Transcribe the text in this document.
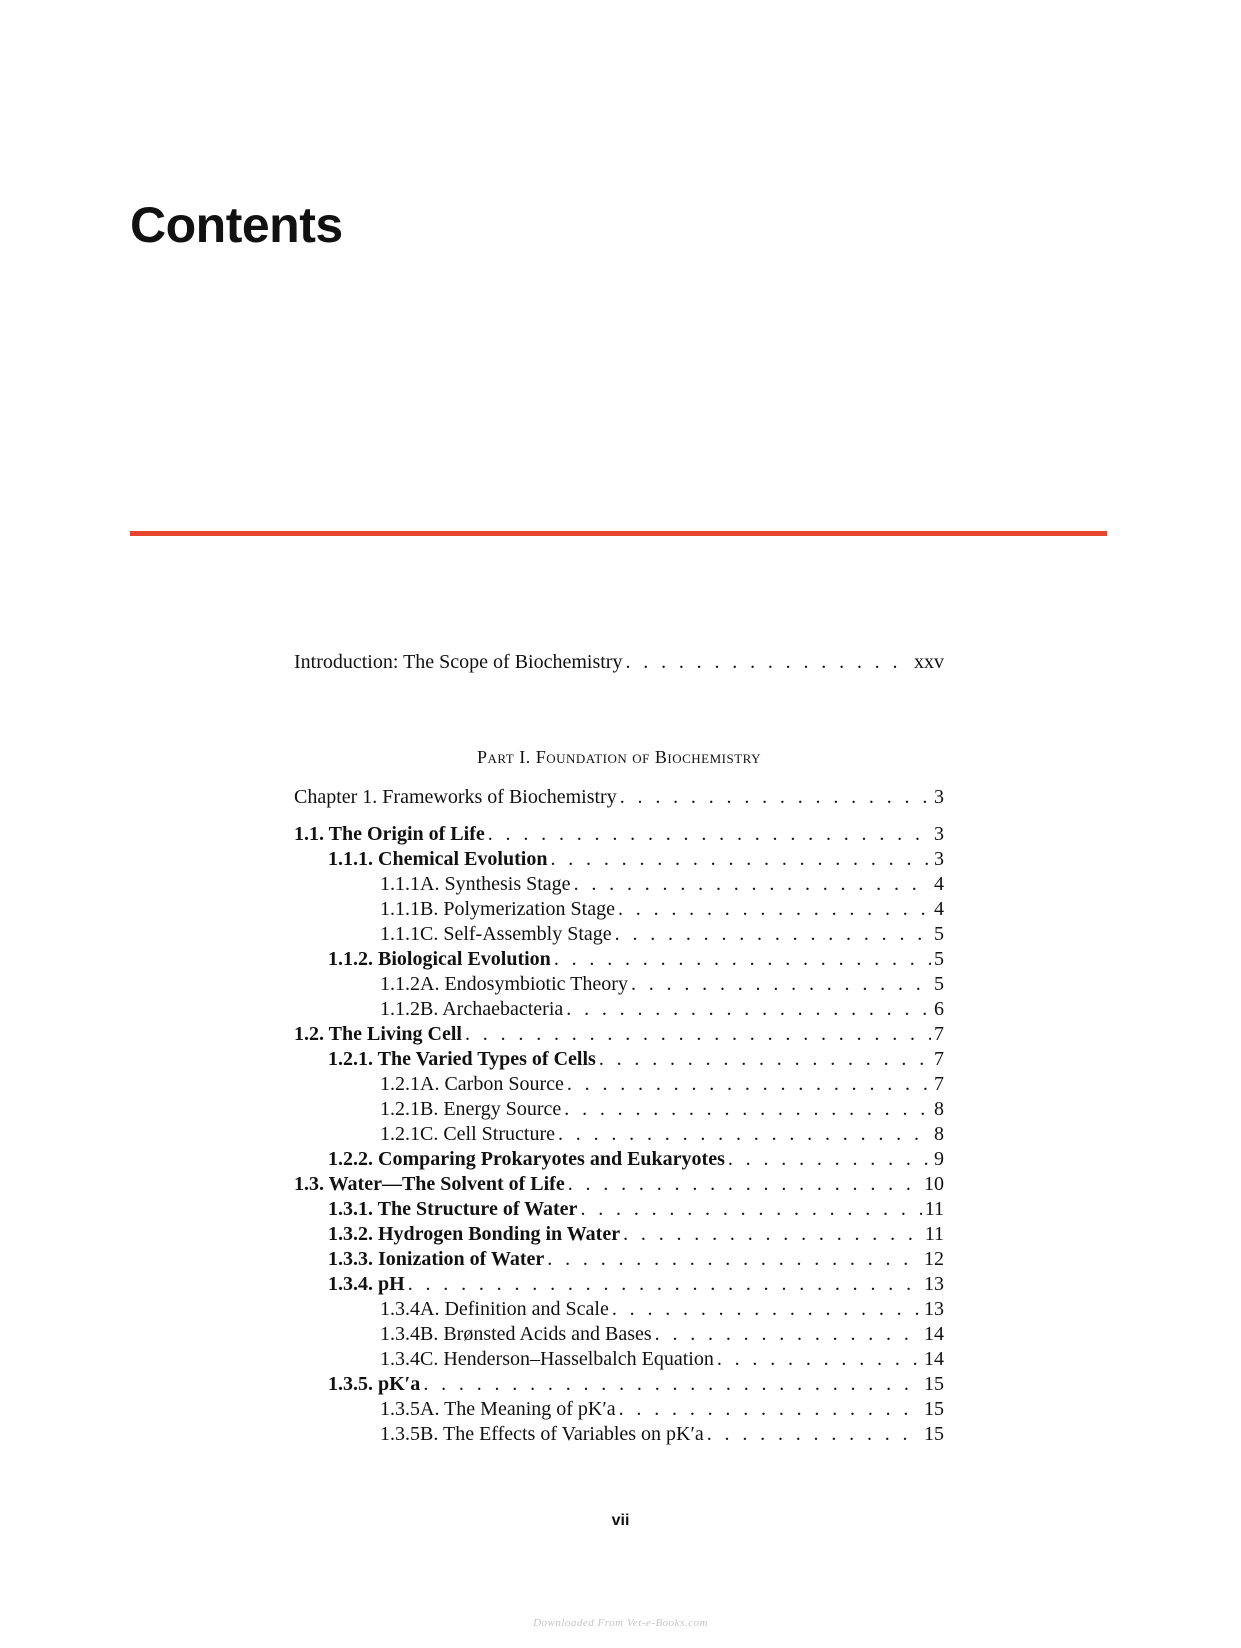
Contents
Part I. Foundation of Biochemistry
Introduction: The Scope of Biochemistry . . .	xxv
Chapter 1. Frameworks of Biochemistry . . .	3
1.1. The Origin of Life . . .	3
1.1.1. Chemical Evolution . . .	3
1.1.1A. Synthesis Stage . . .	4
1.1.1B. Polymerization Stage . . .	4
1.1.1C. Self-Assembly Stage . . .	5
1.1.2. Biological Evolution . . .	5
1.1.2A. Endosymbiotic Theory . . .	5
1.1.2B. Archaebacteria . . .	6
1.2. The Living Cell . . .	7
1.2.1. The Varied Types of Cells . . .	7
1.2.1A. Carbon Source . . .	7
1.2.1B. Energy Source . . .	8
1.2.1C. Cell Structure . . .	8
1.2.2. Comparing Prokaryotes and Eukaryotes . . .	9
1.3. Water—The Solvent of Life . . .	10
1.3.1. The Structure of Water . . .	11
1.3.2. Hydrogen Bonding in Water . . .	11
1.3.3. Ionization of Water . . .	12
1.3.4. pH . . .	13
1.3.4A. Definition and Scale . . .	13
1.3.4B. Brønsted Acids and Bases . . .	14
1.3.4C. Henderson–Hasselbalch Equation . . .	14
1.3.5. pK′a . . .	15
1.3.5A. The Meaning of pK′a . . .	15
1.3.5B. The Effects of Variables on pK′a . . .	15
vii
Downloaded From Vet-e-Books.com
